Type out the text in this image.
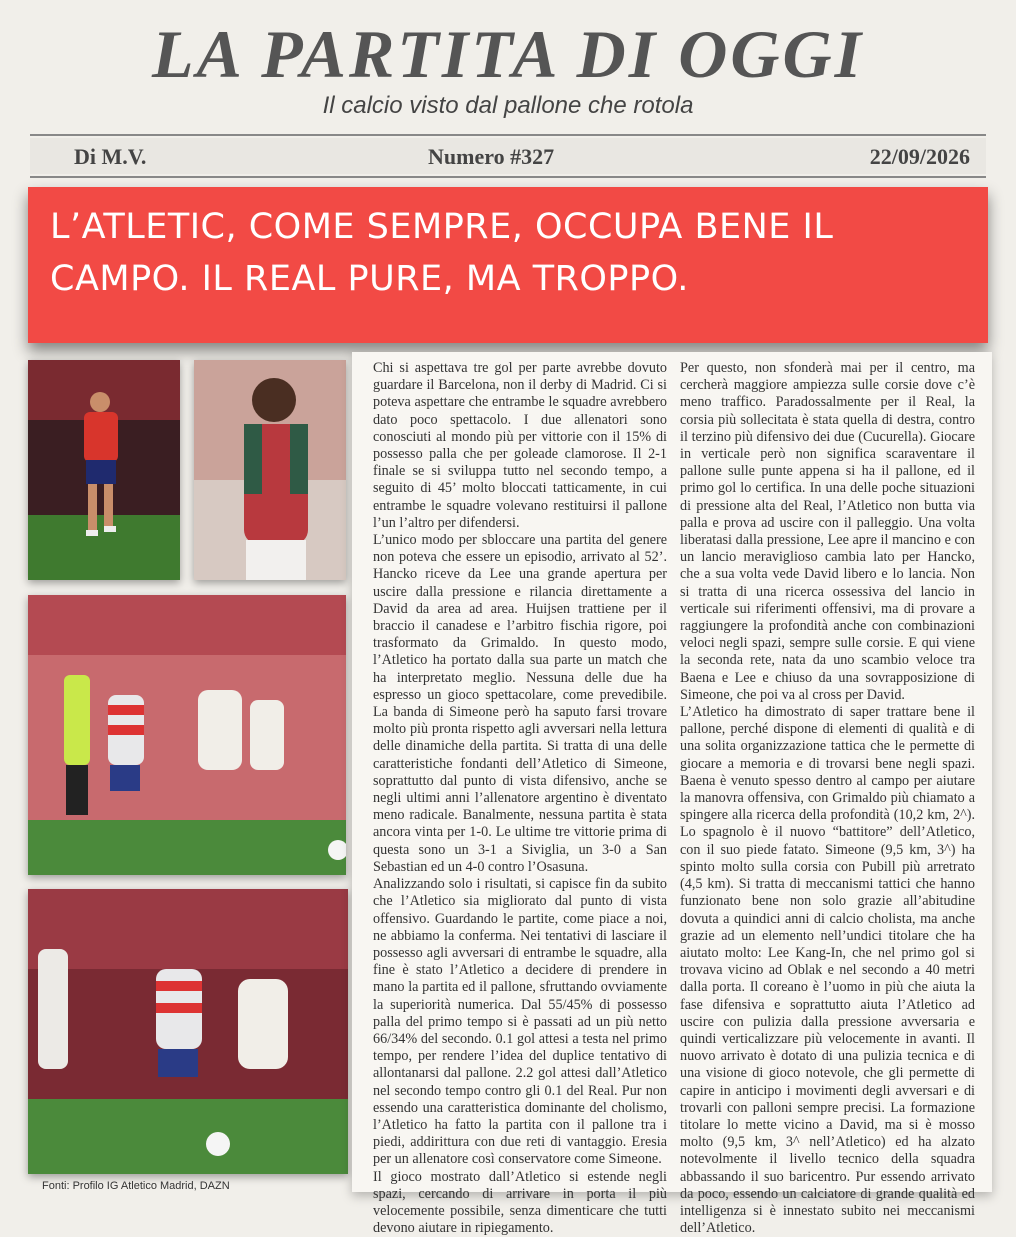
LA PARTITA DI OGGI
Il calcio visto dal pallone che rotola
Di M.V.	Numero #327	22/09/2026
L’ATLETIC, COME SEMPRE, OCCUPA BENE IL
CAMPO. IL REAL PURE, MA TROPPO.
Fonti: Profilo IG Atletico Madrid, DAZN

Chi si aspettava tre gol per parte avrebbe dovuto guardare il Barcelona, non il derby di Madrid. Ci si poteva aspettare che entrambe le squadre avrebbero dato poco spettacolo. I due allenatori sono conosciuti al mondo più per vittorie con il 15% di possesso palla che per goleade clamorose. Il 2-1 finale se si sviluppa tutto nel secondo tempo, a seguito di 45’ molto bloccati tatticamente, in cui entrambe le squadre volevano restituirsi il pallone l’un l’altro per difendersi.

L’unico modo per sbloccare una partita del genere non poteva che essere un episodio, arrivato al 52’. Hancko riceve da Lee una grande apertura per uscire dalla pressione e rilancia direttamente a David da area ad area. Huijsen trattiene per il braccio il canadese e l’arbitro fischia rigore, poi trasformato da Grimaldo. In questo modo, l’Atletico ha portato dalla sua parte un match che ha interpretato meglio. Nessuna delle due ha espresso un gioco spettacolare, come prevedibile. La banda di Simeone però ha saputo farsi trovare molto più pronta rispetto agli avversari nella lettura delle dinamiche della partita. Si tratta di una delle caratteristiche fondanti dell’Atletico di Simeone, soprattutto dal punto di vista difensivo, anche se negli ultimi anni l’allenatore argentino è diventato meno radicale. Banalmente, nessuna partita è stata ancora vinta per 1-0. Le ultime tre vittorie prima di questa sono un 3-1 a Siviglia, un 3-0 a San Sebastian ed un 4-0 contro l’Osasuna.

Analizzando solo i risultati, si capisce fin da subito che l’Atletico sia migliorato dal punto di vista offensivo. Guardando le partite, come piace a noi, ne abbiamo la conferma. Nei tentativi di lasciare il possesso agli avversari di entrambe le squadre, alla fine è stato l’Atletico a decidere di prendere in mano la partita ed il pallone, sfruttando ovviamente la superiorità numerica. Dal 55/45% di possesso palla del primo tempo si è passati ad un più netto 66/34% del secondo. 0.1 gol attesi a testa nel primo tempo, per rendere l’idea del duplice tentativo di allontanarsi dal pallone. 2.2 gol attesi dall’Atletico nel secondo tempo contro gli 0.1 del Real. Pur non essendo una caratteristica dominante del cholismo, l’Atletico ha fatto la partita con il pallone tra i piedi, addirittura con due reti di vantaggio. Eresia per un allenatore così conservatore come Simeone.

Il gioco mostrato dall’Atletico si estende negli spazi, cercando di arrivare in porta il più velocemente possibile, senza dimenticare che tutti devono aiutare in ripiegamento.

Per questo, non sfonderà mai per il centro, ma cercherà maggiore ampiezza sulle corsie dove c’è meno traffico. Paradossalmente per il Real, la corsia più sollecitata è stata quella di destra, contro il terzino più difensivo dei due (Cucurella). Giocare in verticale però non significa scaraventare il pallone sulle punte appena si ha il pallone, ed il primo gol lo certifica. In una delle poche situazioni di pressione alta del Real, l’Atletico non butta via palla e prova ad uscire con il palleggio. Una volta liberatasi dalla pressione, Lee apre il mancino e con un lancio meraviglioso cambia lato per Hancko, che a sua volta vede David libero e lo lancia. Non si tratta di una ricerca ossessiva del lancio in verticale sui riferimenti offensivi, ma di provare a raggiungere la profondità anche con combinazioni veloci negli spazi, sempre sulle corsie. E qui viene la seconda rete, nata da uno scambio veloce tra Baena e Lee e chiuso da una sovrapposizione di Simeone, che poi va al cross per David.

L’Atletico ha dimostrato di saper trattare bene il pallone, perché dispone di elementi di qualità e di una solita organizzazione tattica che le permette di giocare a memoria e di trovarsi bene negli spazi. Baena è venuto spesso dentro al campo per aiutare la manovra offensiva, con Grimaldo più chiamato a spingere alla ricerca della profondità (10,2 km, 2^). Lo spagnolo è il nuovo “battitore” dell’Atletico, con il suo piede fatato. Simeone (9,5 km, 3^) ha spinto molto sulla corsia con Pubill più arretrato (4,5 km). Si tratta di meccanismi tattici che hanno funzionato bene non solo grazie all’abitudine dovuta a quindici anni di calcio cholista, ma anche grazie ad un elemento nell’undici titolare che ha aiutato molto: Lee Kang-In, che nel primo gol si trovava vicino ad Oblak e nel secondo a 40 metri dalla porta. Il coreano è l’uomo in più che aiuta la fase difensiva e soprattutto aiuta l’Atletico ad uscire con pulizia dalla pressione avversaria e quindi verticalizzare più velocemente in avanti. Il nuovo arrivato è dotato di una pulizia tecnica e di una visione di gioco notevole, che gli permette di capire in anticipo i movimenti degli avversari e di trovarli con palloni sempre precisi. La formazione titolare lo mette vicino a David, ma si è mosso molto (9,5 km, 3^ nell’Atletico) ed ha alzato notevolmente il livello tecnico della squadra abbassando il suo baricentro. Pur essendo arrivato da poco, essendo un calciatore di grande qualità ed intelligenza si è innestato subito nei meccanismi dell’Atletico.
